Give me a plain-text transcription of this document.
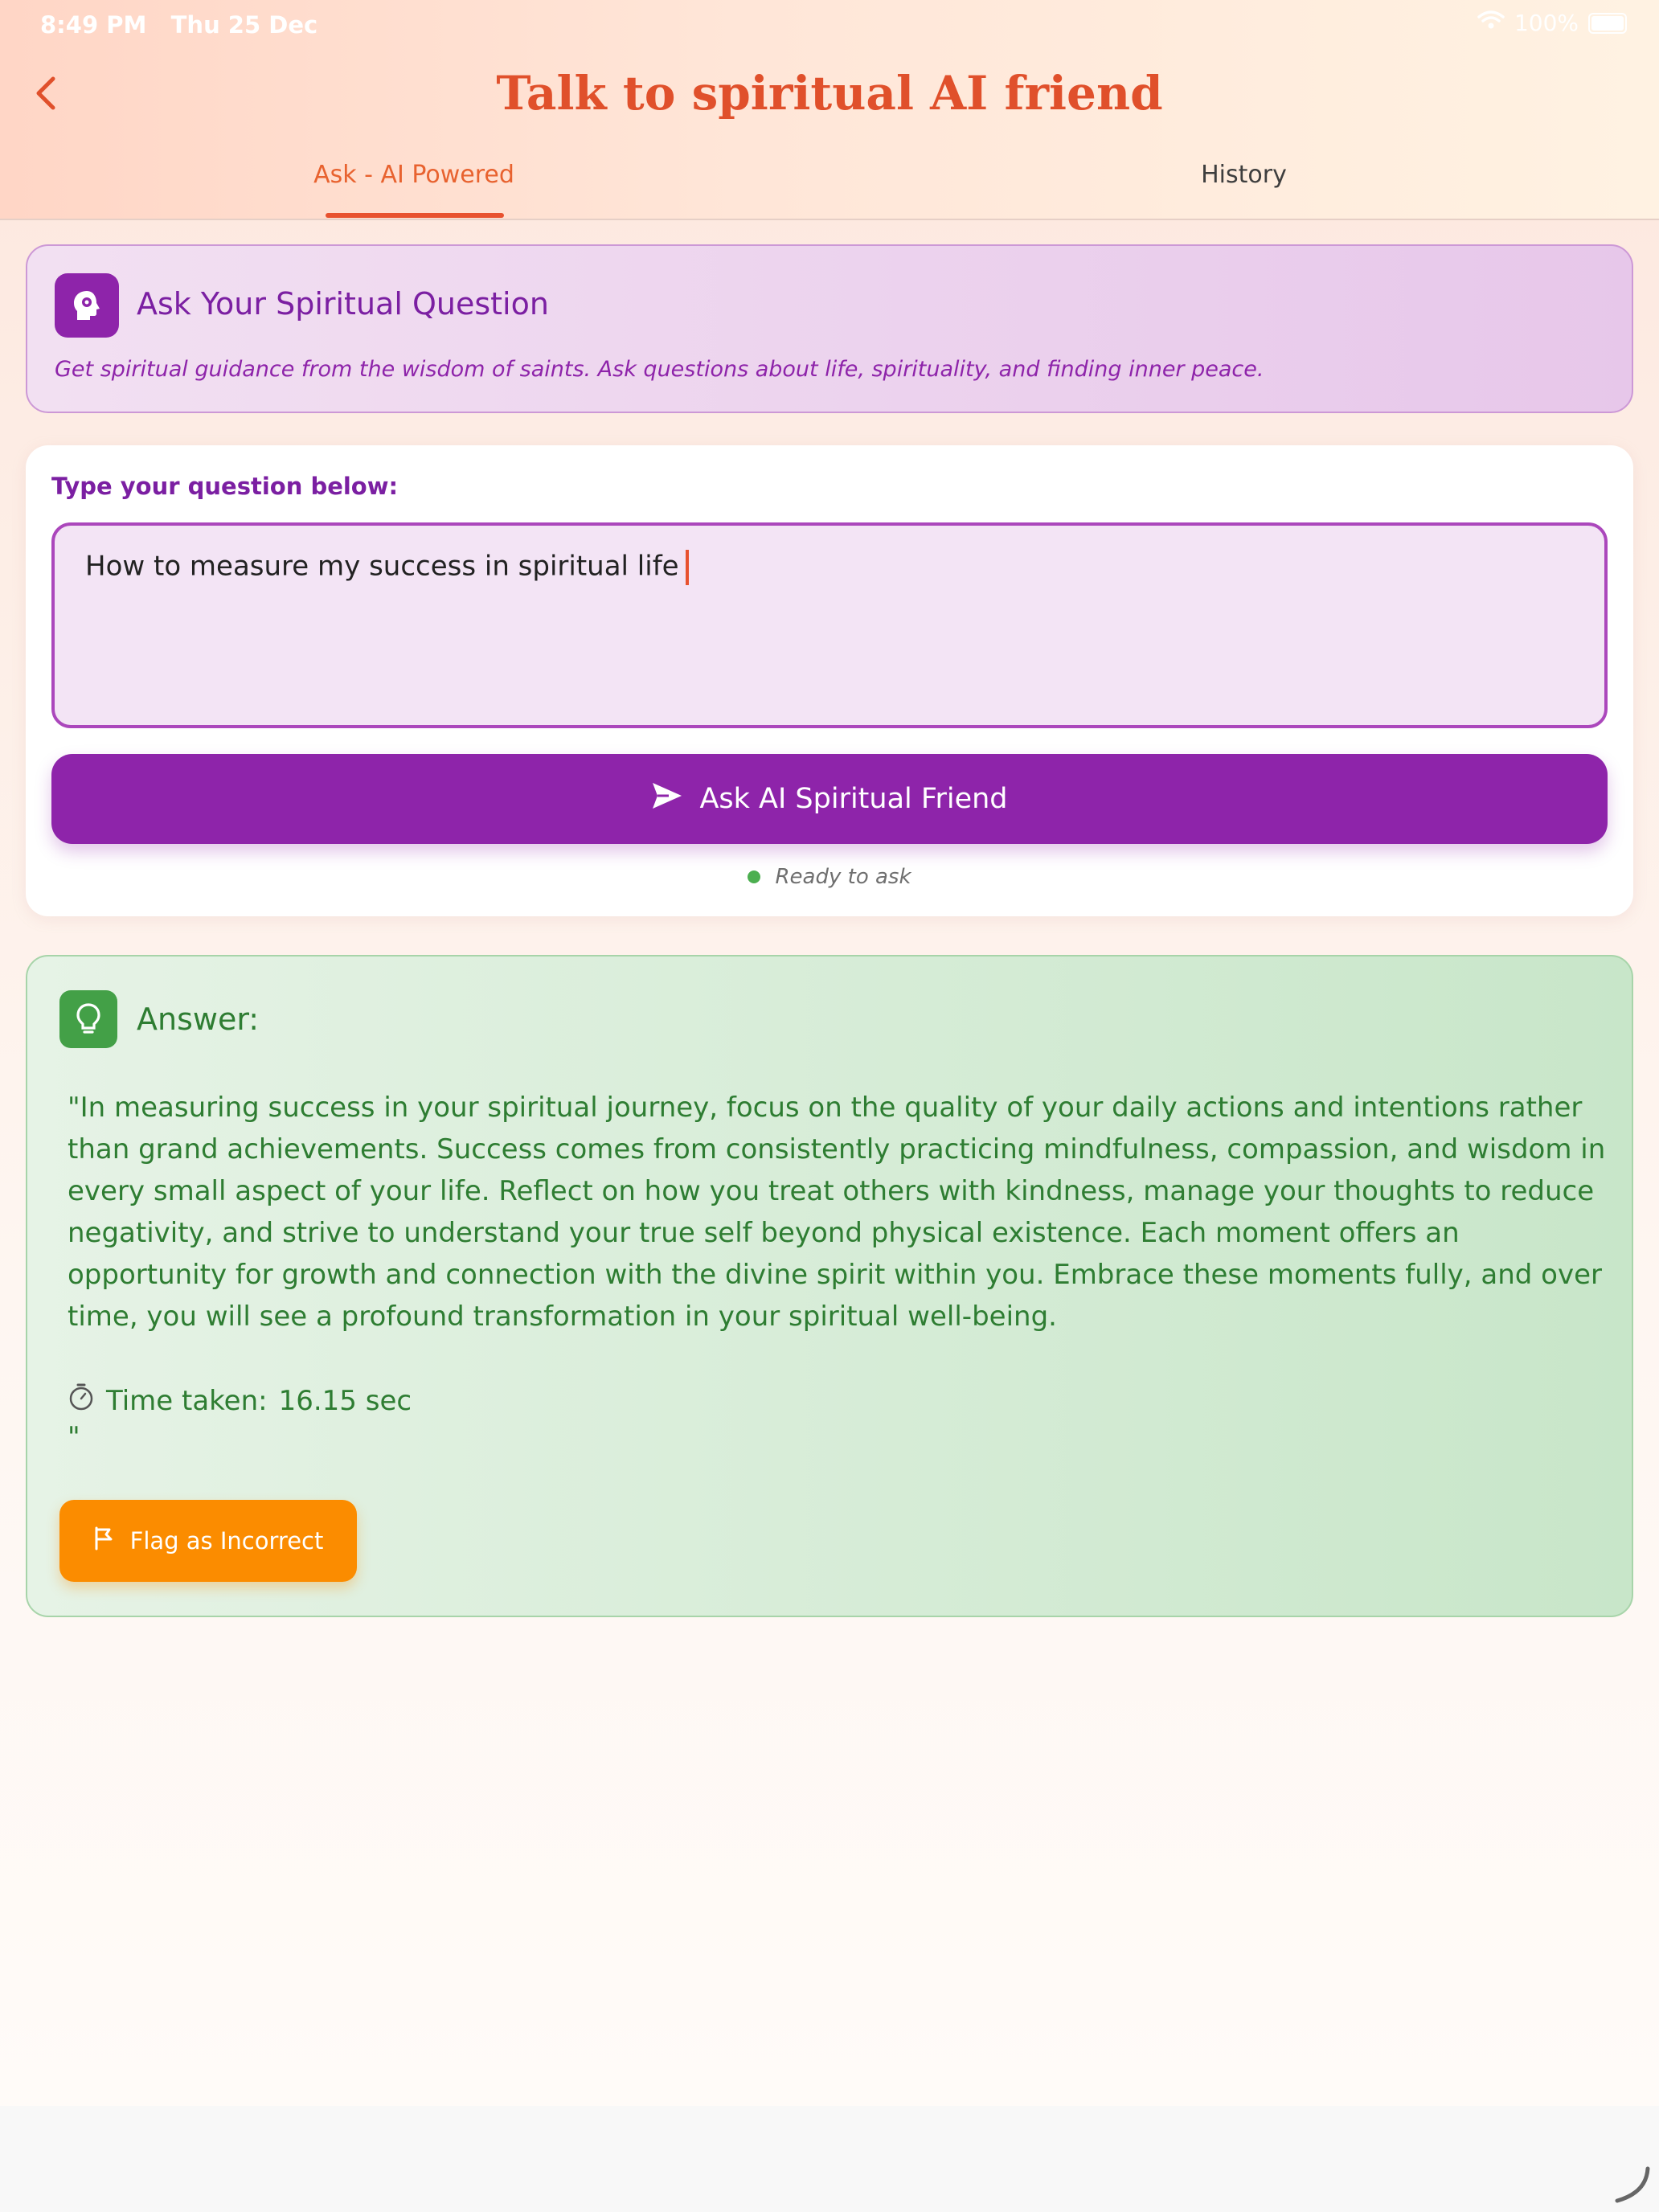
8:49 PM Thu 25 Dec	100%
Talk to spiritual AI friend
Ask - AI Powered	History
Ask Your Spiritual Question
Get spiritual guidance from the wisdom of saints. Ask questions about life, spirituality, and finding inner peace.
Type your question below:
How to measure my success in spiritual life
Ask AI Spiritual Friend
Ready to ask
Answer:
"In measuring success in your spiritual journey, focus on the quality of your daily actions and intentions rather than grand achievements. Success comes from consistently practicing mindfulness, compassion, and wisdom in every small aspect of your life. Reflect on how you treat others with kindness, manage your thoughts to reduce negativity, and strive to understand your true self beyond physical existence. Each moment offers an opportunity for growth and connection with the divine spirit within you. Embrace these moments fully, and over time, you will see a profound transformation in your spiritual well-being.
Time taken: 16.15 sec
"
Flag as Incorrect
